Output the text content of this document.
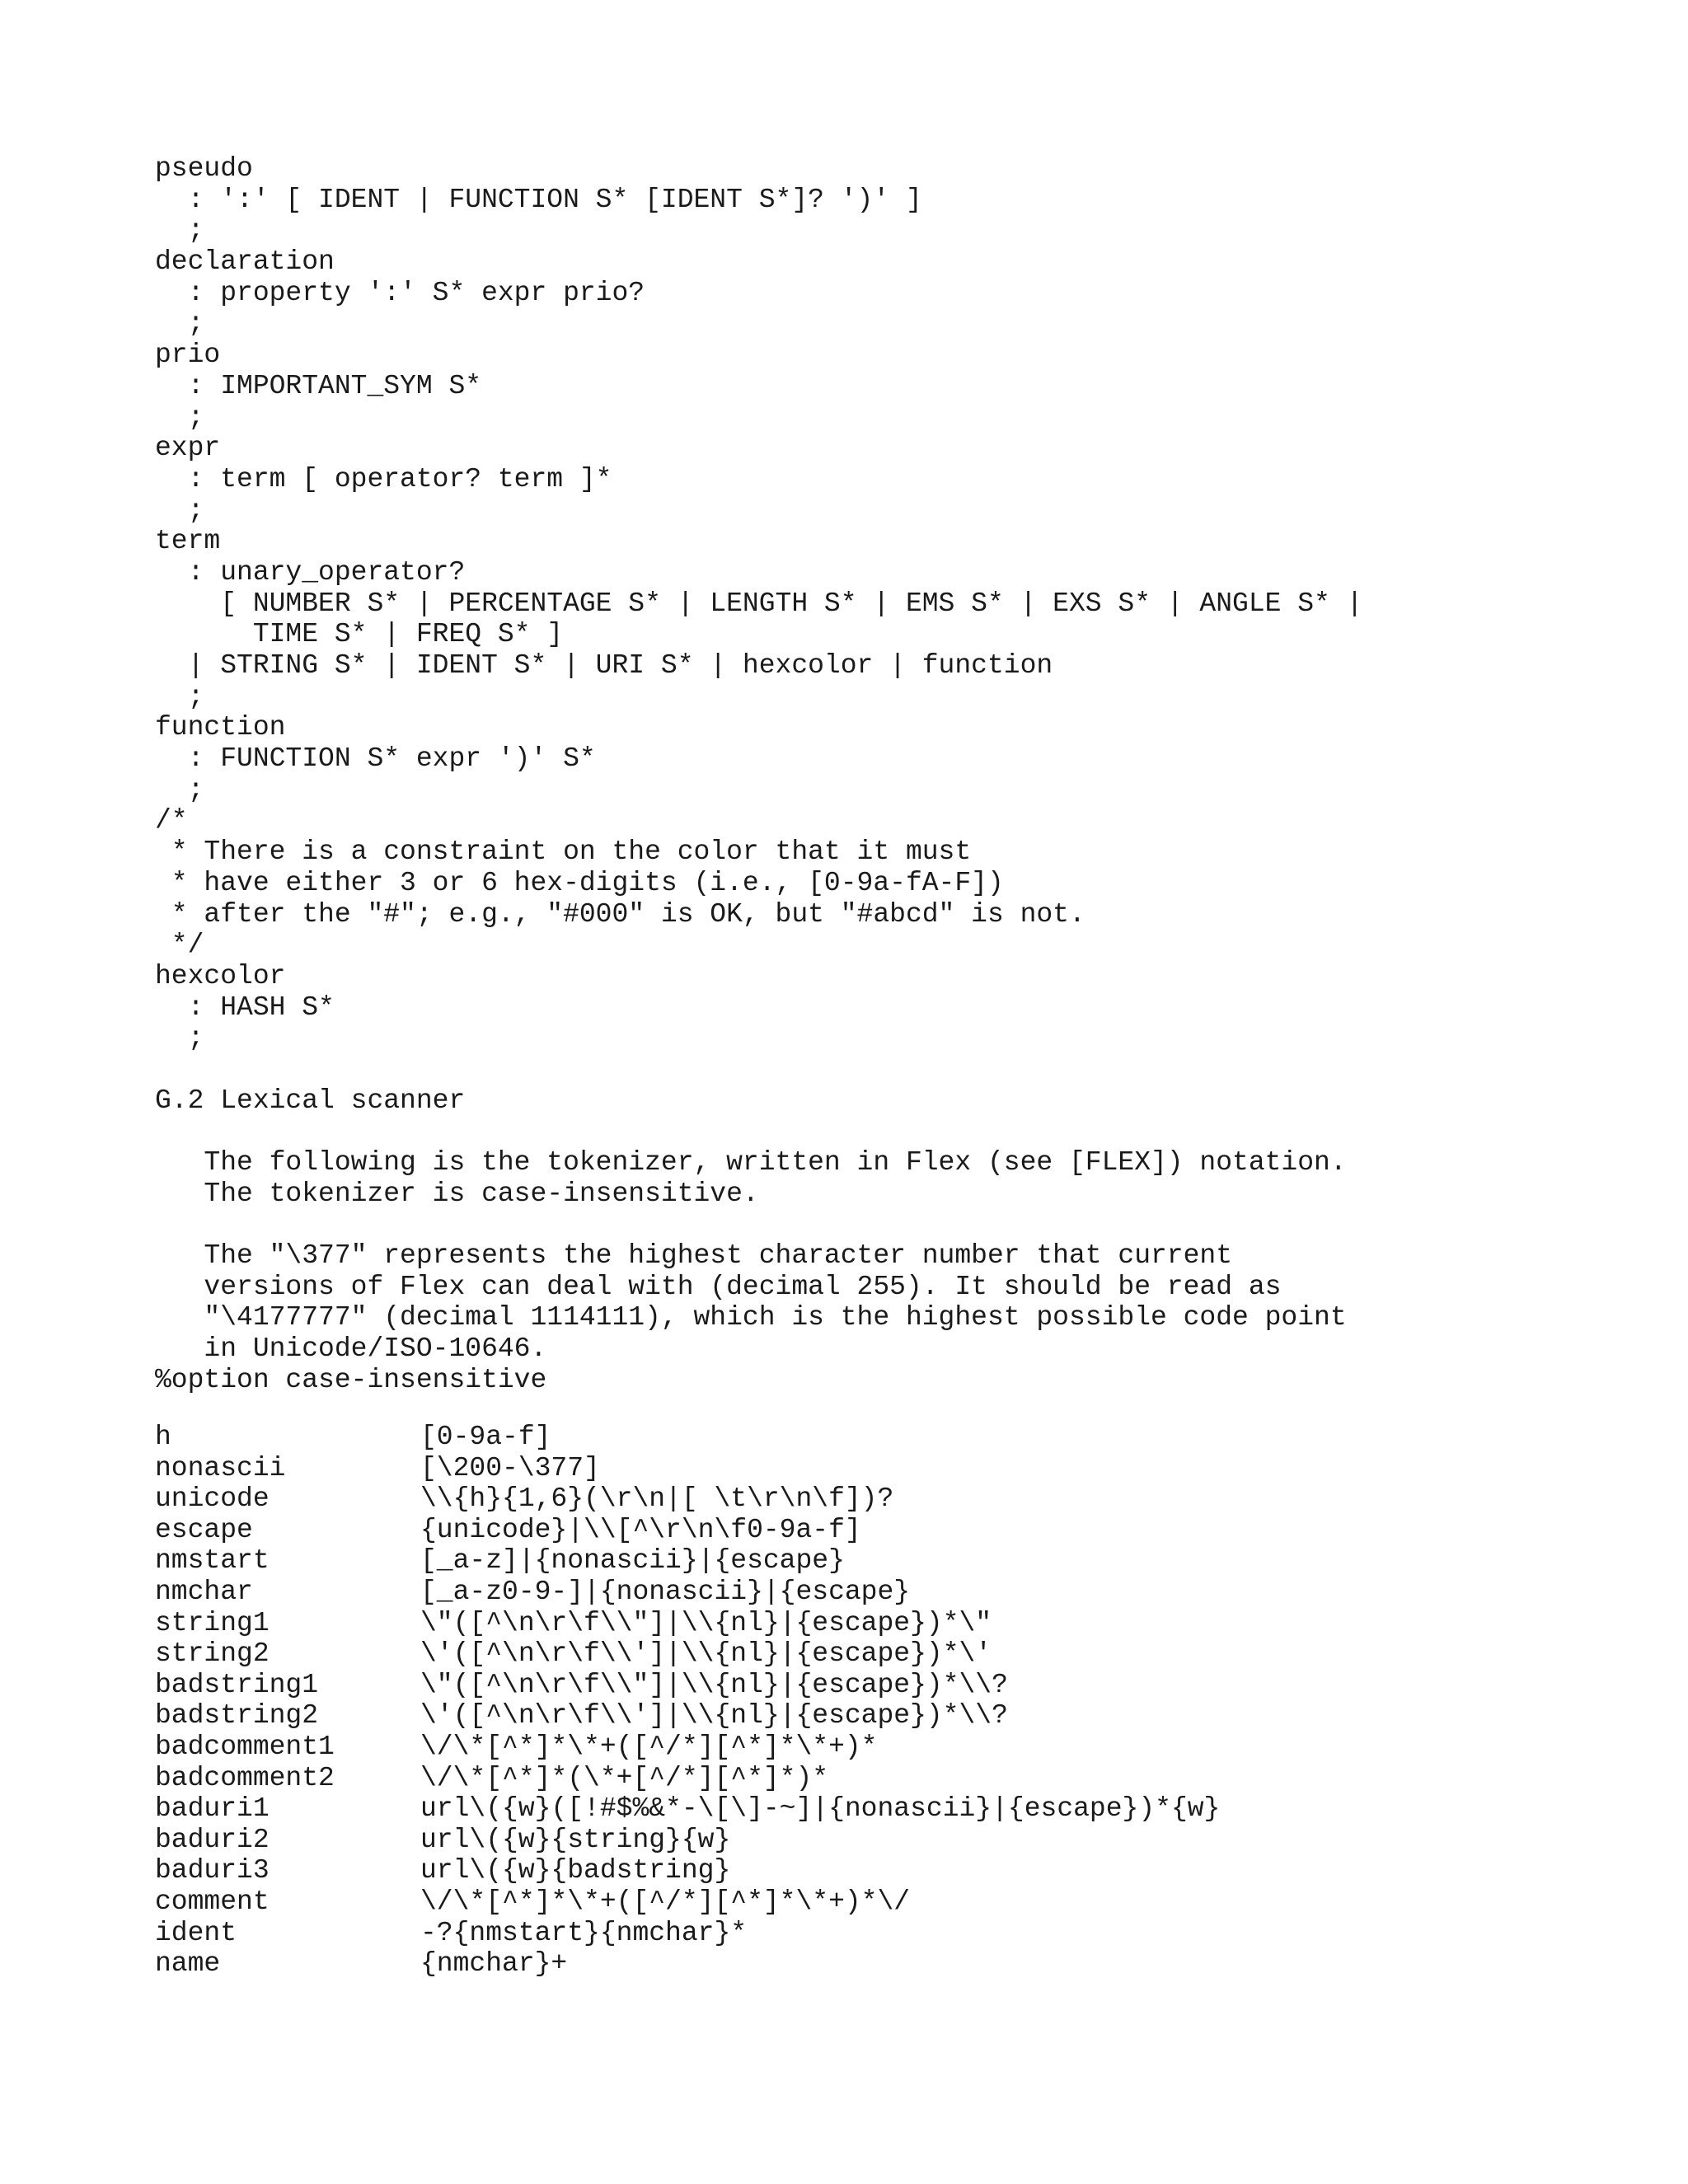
pseudo
: ':' [ IDENT | FUNCTION S* [IDENT S*]? ')' ]
;
declaration
: property ':' S* expr prio?
;
prio
: IMPORTANT_SYM S*
;
expr
: term [ operator? term ]*
;
term
: unary_operator?
[ NUMBER S* | PERCENTAGE S* | LENGTH S* | EMS S* | EXS S* | ANGLE S* |
TIME S* | FREQ S* ]
| STRING S* | IDENT S* | URI S* | hexcolor | function
;
function
: FUNCTION S* expr ')' S*
;
/*
* There is a constraint on the color that it must
* have either 3 or 6 hex-digits (i.e., [0-9a-fA-F])
* after the "#"; e.g., "#000" is OK, but "#abcd" is not.
*/
hexcolor
: HASH S*
;
G.2 Lexical scanner
The following is the tokenizer, written in Flex (see [FLEX]) notation.
The tokenizer is case-insensitive.
The "\377" represents the highest character number that current
versions of Flex can deal with (decimal 255). It should be read as
"\4177777" (decimal 1114111), which is the highest possible code point
in Unicode/ISO-10646.
%option case-insensitive
h	[0-9a-f]
nonascii	[\200-\377]
unicode	\\{h}{1,6}(\r\n|[ \t\r\n\f])?
escape	{unicode}|\\[^\r\n\f0-9a-f]
nmstart	[_a-z]|{nonascii}|{escape}
nmchar	[_a-z0-9-]|{nonascii}|{escape}
string1	\"([^\n\r\f\\"]|\\{nl}|{escape})*\"
string2	\'([^\n\r\f\\']|\\{nl}|{escape})*\'
badstring1	\"([^\n\r\f\\"]|\\{nl}|{escape})*\\?
badstring2	\'([^\n\r\f\\']|\\{nl}|{escape})*\\?
badcomment1	\/\*[^*]*\*+([^/*][^*]*\*+)*
badcomment2	\/\*[^*]*(\*+[^/*][^*]*)*
baduri1	url\({w}([!#$%&*-\[\]-~]|{nonascii}|{escape})*{w}
baduri2	url\({w}{string}{w}
baduri3	url\({w}{badstring}
comment	\/\*[^*]*\*+([^/*][^*]*\*+)*\/
ident	-?{nmstart}{nmchar}*
name	{nmchar}+
